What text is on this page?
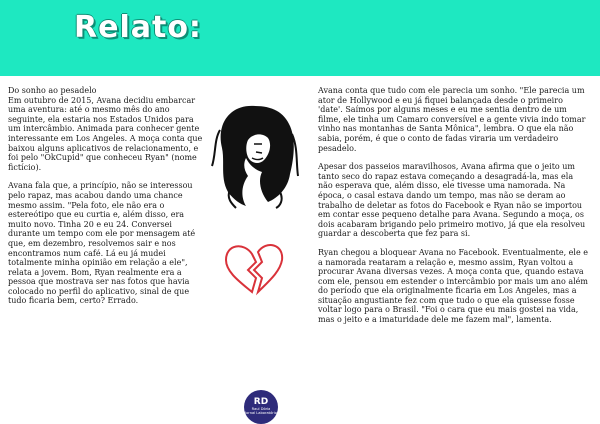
Relato:

Do sonho ao pesadelo
Em outubro de 2015, Avana decidiu embarcar uma aventura: até o mesmo mês do ano seguinte, ela estaria nos Estados Unidos para um intercâmbio. Animada para conhecer gente interessante em Los Angeles. A moça conta que baixou alguns aplicativos de relacionamento, e foi pelo "OkCupid" que conheceu Ryan" (nome fictício).

Avana fala que, a princípio, não se interessou pelo rapaz, mas acabou dando uma chance mesmo assim. "Pela foto, ele não era o estereótipo que eu curtia e, além disso, era muito novo. Tinha 20 e eu 24. Conversei durante um tempo com ele por mensagem até que, em dezembro, resolvemos sair e nos encontramos num café. Lá eu já mudei totalmente minha opinião em relação a ele", relata a jovem. Bom, Ryan realmente era a pessoa que mostrava ser nas fotos que havia colocado no perfil do aplicativo, sinal de que tudo ficaria bem, certo? Errado.

Avana conta que tudo com ele parecia um sonho. "Ele parecia um ator de Hollywood e eu já fiquei balançada desde o primeiro 'date'. Saímos por alguns meses e eu me sentia dentro de um filme, ele tinha um Camaro conversível e a gente vivia indo tomar vinho nas montanhas de Santa Mônica", lembra. O que ela não sabia, porém, é que o conto de fadas viraria um verdadeiro pesadelo.

Apesar dos passeios maravilhosos, Avana afirma que o jeito um tanto seco do rapaz estava começando a desagradá-la, mas ela não esperava que, além disso, ele tivesse uma namorada. Na época, o casal estava dando um tempo, mas não se deram ao trabalho de deletar as fotos do Facebook e Ryan não se importou em contar esse pequeno detalhe para Avana. Segundo a moça, os dois acabaram brigando pelo primeiro motivo, já que ela resolveu guardar a descoberta que fez para si.

Ryan chegou a bloquear Avana no Facebook. Eventualmente, ele e a namorada reataram a relação e, mesmo assim, Ryan voltou a procurar Avana diversas vezes. A moça conta que, quando estava com ele, pensou em estender o intercâmbio por mais um ano além do período que ela originalmente ficaria em Los Angeles, mas a situação angustiante fez com que tudo o que ela quisesse fosse voltar logo para o Brasil. "Foi o cara que eu mais gostei na vida, mas o jeito e a imaturidade dele me fazem mal", lamenta.

RD
Raul Dória
Jornal Laboratório
